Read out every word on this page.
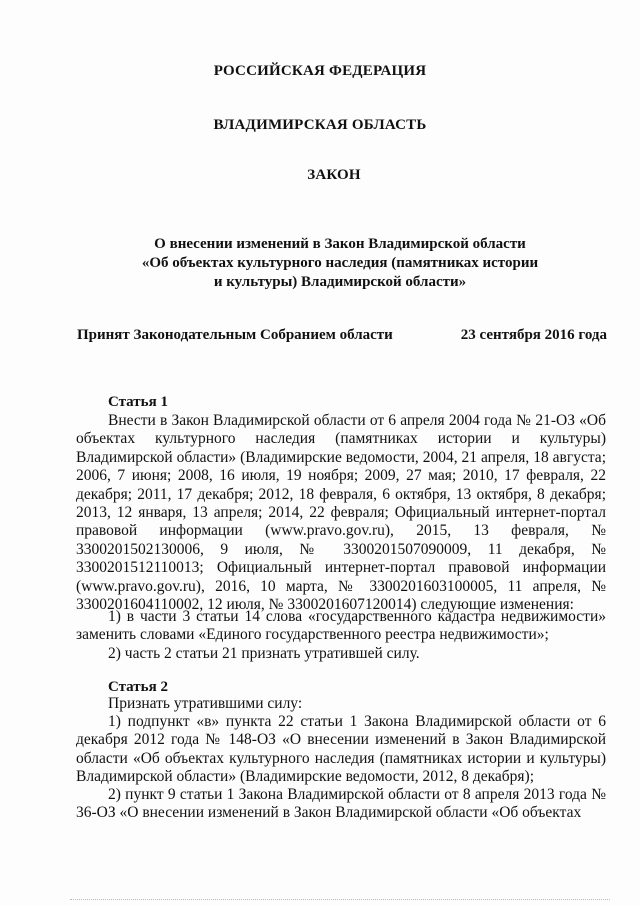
РОССИЙСКАЯ ФЕДЕРАЦИЯ
ВЛАДИМИРСКАЯ ОБЛАСТЬ
ЗАКОН
О внесении изменений в Закон Владимирской области
«Об объектах культурного наследия (памятниках истории
и культуры) Владимирской области»
Принят Законодательным Собранием области	23 сентября 2016 года
Статья 1

Внести в Закон Владимирской области от 6 апреля 2004 года № 21-ОЗ «Об объектах культурного наследия (памятниках истории и культуры) Владимирской области» (Владимирские ведомости, 2004, 21 апреля, 18 августа; 2006, 7 июня; 2008, 16 июля, 19 ноября; 2009, 27 мая; 2010, 17 февраля, 22 декабря; 2011, 17 декабря; 2012, 18 февраля, 6 октября, 13 октября, 8 декабря; 2013, 12 января, 13 апреля; 2014, 22 февраля; Официальный интернет-портал правовой информации (www.pravo.gov.ru), 2015, 13 февраля, № 3300201502130006, 9 июля, № 3300201507090009, 11 декабря, № 3300201512110013; Официальный интернет-портал правовой информации (www.pravo.gov.ru), 2016, 10 марта, № 3300201603100005, 11 апреля, № 3300201604110002, 12 июля, № 3300201607120014) следующие изменения:

1) в части 3 статьи 14 слова «государственного кадастра недвижимости» заменить словами «Единого государственного реестра недвижимости»;

2) часть 2 статьи 21 признать утратившей силу.

Статья 2

Признать утратившими силу:

1) подпункт «в» пункта 22 статьи 1 Закона Владимирской области от 6 декабря 2012 года № 148-ОЗ «О внесении изменений в Закон Владимирской области «Об объектах культурного наследия (памятниках истории и культуры) Владимирской области» (Владимирские ведомости, 2012, 8 декабря);

2) пункт 9 статьи 1 Закона Владимирской области от 8 апреля 2013 года № 36-ОЗ «О внесении изменений в Закон Владимирской области «Об объектах
